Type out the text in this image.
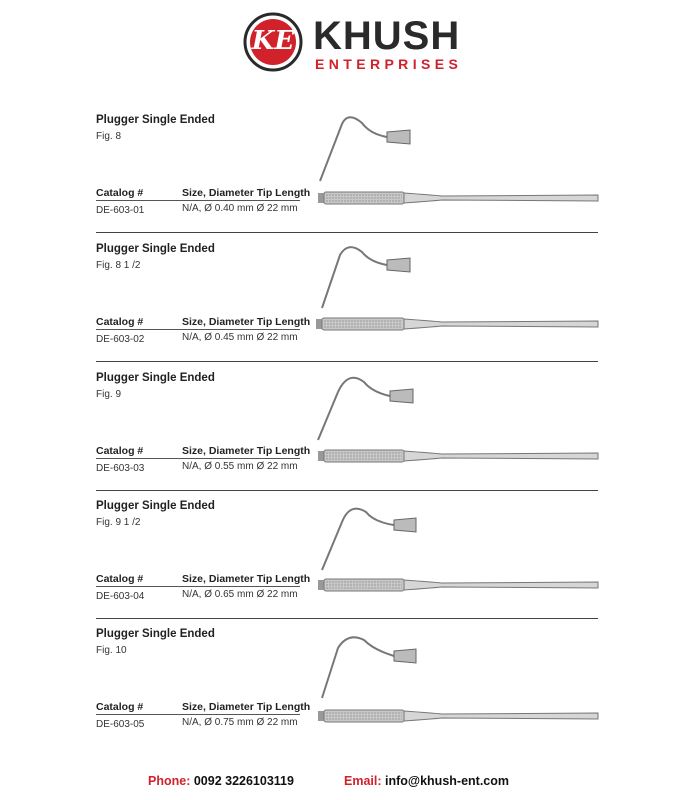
KE KHUSH
ENTERPRISES
Plugger Single Ended
Fig. 8
Catalog #	Size, Diameter Tip Length
DE-603-01	N/A, Ø 0.40 mm Ø 22 mm
Plugger Single Ended
Fig. 8 1 /2
Catalog #	Size, Diameter Tip Length
DE-603-02	N/A, Ø 0.45 mm Ø 22 mm
Plugger Single Ended
Fig. 9
Catalog #	Size, Diameter Tip Length
DE-603-03	N/A, Ø 0.55 mm Ø 22 mm
Plugger Single Ended
Fig. 9 1 /2
Catalog #	Size, Diameter Tip Length
DE-603-04	N/A, Ø 0.65 mm Ø 22 mm
Plugger Single Ended
Fig. 10
Catalog #	Size, Diameter Tip Length
DE-603-05	N/A, Ø 0.75 mm Ø 22 mm
Phone: 0092 3226103119	Email: info@khush-ent.com
